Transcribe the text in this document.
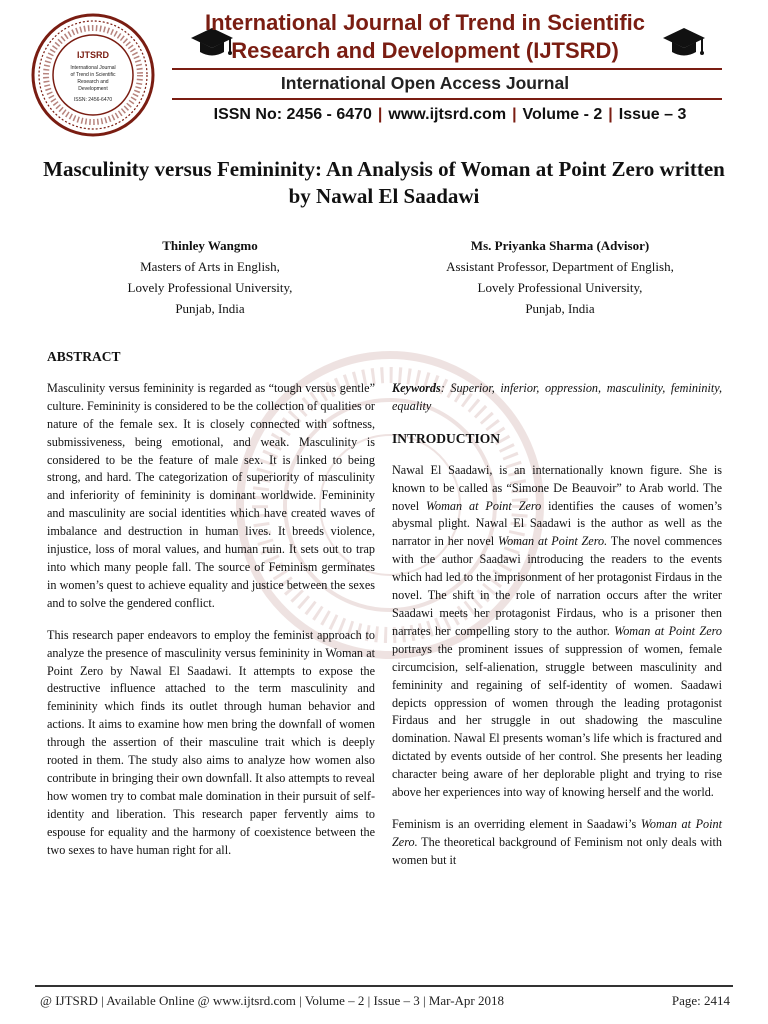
IJTSRD
International Journal
of Trend in Scientific
Research and
Development
ISSN: 2456-6470
International Journal of Trend in Scientific
Research and Development (IJTSRD)
International Open Access Journal
ISSN No: 2456 - 6470 | www.ijtsrd.com | Volume - 2 | Issue – 3
Masculinity versus Femininity: An Analysis of Woman at Point Zero written by Nawal El Saadawi
Thinley Wangmo
Masters of Arts in English,
Lovely Professional University,
Punjab, India
Ms. Priyanka Sharma (Advisor)
Assistant Professor, Department of English,
Lovely Professional University,
Punjab, India
ABSTRACT

Masculinity versus femininity is regarded as “tough versus gentle” culture. Femininity is considered to be the collection of qualities or nature of the female sex. It is closely connected with softness, submissiveness, being emotional, and weak. Masculinity is considered to be the feature of male sex. It is linked to being strong, and hard. The categorization of superiority of masculinity and inferiority of femininity is dominant worldwide. Femininity and masculinity are social identities which have created waves of imbalance and destruction in human lives. It breeds violence, injustice, loss of moral values, and human ruin. It sets out to trap into which many people fall. The source of Feminism germinates in women’s quest to achieve equality and justice between the sexes and to solve the gendered conflict.

This research paper endeavors to employ the feminist approach to analyze the presence of masculinity versus femininity in Woman at Point Zero by Nawal El Saadawi. It attempts to expose the destructive influence attached to the term masculinity and femininity which finds its outlet through human behavior and actions. It aims to examine how men bring the downfall of women through the assertion of their masculine trait which is deeply rooted in them. The study also aims to analyze how women also contribute in bringing their own downfall. It also attempts to reveal how women try to combat male domination in their pursuit of self-identity and liberation. This research paper fervently aims to espouse for equality and the harmony of coexistence between the two sexes to have human right for all.

Keywords: Superior, inferior, oppression, masculinity, femininity, equality

INTRODUCTION

Nawal El Saadawi, is an internationally known figure. She is known to be called as “Simone De Beauvoir” to Arab world. The novel Woman at Point Zero identifies the causes of women’s abysmal plight. Nawal El Saadawi is the author as well as the narrator in her novel Woman at Point Zero. The novel commences with the author Saadawi introducing the readers to the events which had led to the imprisonment of her protagonist Firdaus in the novel. The shift in the role of narration occurs after the writer Saadawi meets her protagonist Firdaus, who is a prisoner then narrates her compelling story to the author. Woman at Point Zero portrays the prominent issues of suppression of women, female circumcision, self-alienation, struggle between masculinity and femininity and regaining of self-identity of women. Saadawi depicts oppression of women through the leading protagonist Firdaus and her struggle in out shadowing the masculine domination. Nawal El presents woman’s life which is fractured and dictated by events outside of her control. She presents her leading character being aware of her deplorable plight and trying to rise above her experiences into way of knowing herself and the world.

Feminism is an overriding element in Saadawi’s Woman at Point Zero. The theoretical background of Feminism not only deals with women but it

@ IJTSRD | Available Online @ www.ijtsrd.com | Volume – 2 | Issue – 3 | Mar-Apr 2018	Page: 2414
